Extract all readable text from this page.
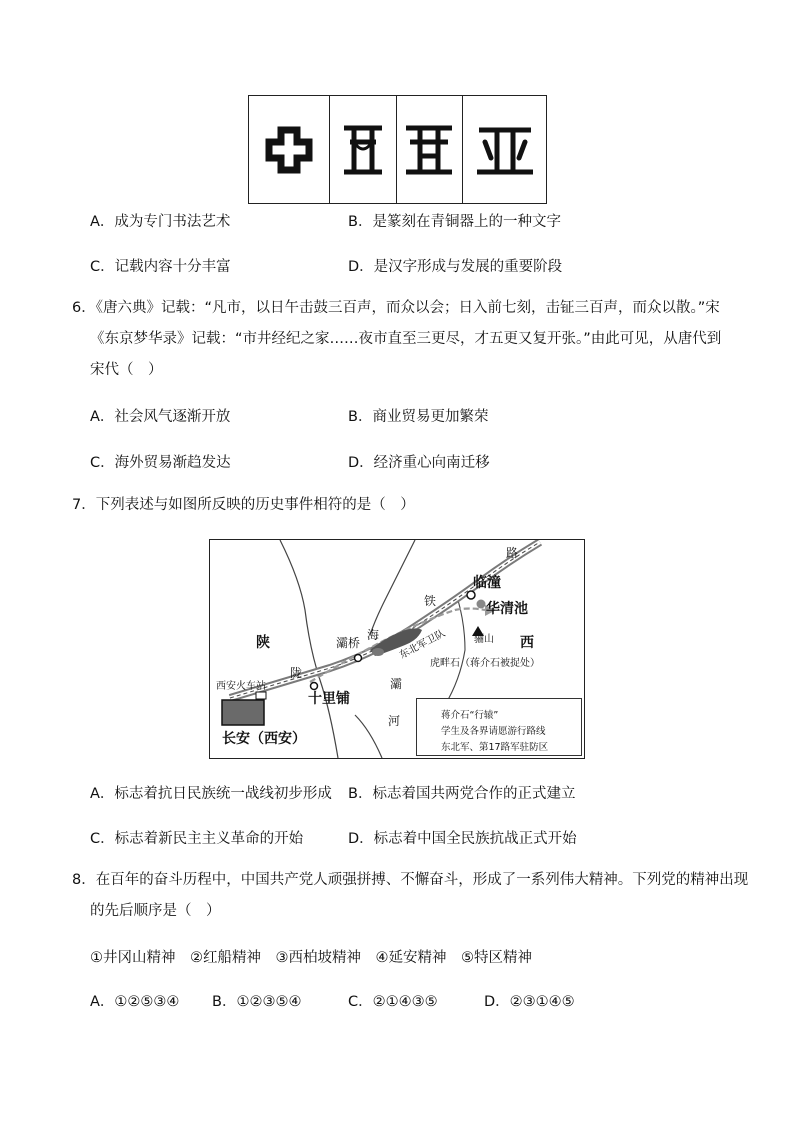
A．成为专门书法艺术	B．是篆刻在青铜器上的一种文字
C．记载内容十分丰富	D．是汉字形成与发展的重要阶段
6．《唐六典》记载：“凡市，以日午击鼓三百声，而众以会；日入前七刻，击钲三百声，而众以散。”宋
《东京梦华录》记载：“市井经纪之家……夜市直至三更尽，才五更又复开张。”由此可见，从唐代到
宋代（　）
A．社会风气逐渐开放	B．商业贸易更加繁荣
C．海外贸易渐趋发达	D．经济重心向南迁移
7．下列表述与如图所反映的历史事件相符的是（　）
陕	西
路
铁
海
陇
临潼
华清池
骊山
灞桥
灞
河
东北军卫队
虎畔石（蒋介石被捉处）
西安火车站
十里铺
长安（西安）
蒋介石“行辕”
学生及各界请愿游行路线
东北军、第17路军驻防区
A．标志着抗日民族统一战线初步形成 B．标志着国共两党合作的正式建立
C．标志着新民主主义革命的开始	D．标志着中国全民族抗战正式开始
8．在百年的奋斗历程中，中国共产党人顽强拼搏、不懈奋斗，形成了一系列伟大精神。下列党的精神出现
的先后顺序是（　）
①井冈山精神　②红船精神　③西柏坡精神　④延安精神　⑤特区精神
A．①②⑤③④ B．①②③⑤④	C．②①④③⑤	D．②③①④⑤
